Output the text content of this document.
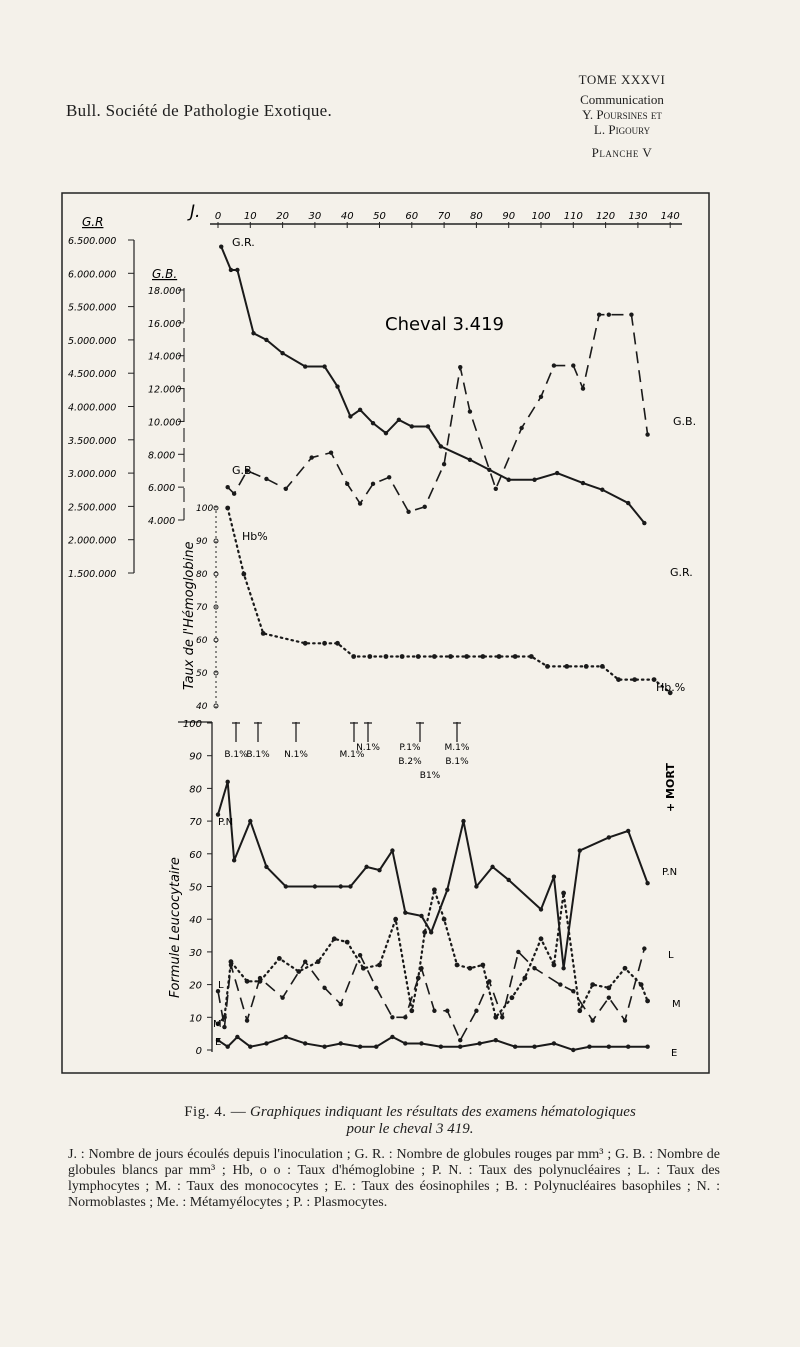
Bull. Société de Pathologie Exotique.
TOME XXXVI
Communication
Y. Poursines et
L. Pigoury
Planche V
J. 0 10 20 30 40 50 60 70 80 90 100 110 120 130 140
G.R
6.500.000
6.000.000
5.500.000
5.000.000
4.500.000
4.000.000
3.500.000
3.000.000
2.500.000
2.000.000
1.500.000
G.B.
18.000
16.000
14.000
12.000
10.000
8.000
6.000
4.000
100
90
80
70
60
50
40
Taux de l'Hémoglobine
Cheval 3.419
100
90
80
70
60
50
40
30
20
10
0
Formule Leucocytaire
B.1%
B.1% N.1%	M.1%
N.1% P.1%
B.2%
B1%
M.1%
B.1%
+ MORT
G.R.
G.B.
G.R.
G.B.
Hb%
Hb.%
P.N
P.N
L
L
M
M
E
E
Fig. 4. — Graphiques indiquant les résultats des examens hématologiques
pour le cheval 3 419.
J. : Nombre de jours écoulés depuis l'inoculation ; G. R. : Nombre de globules rouges par mm³ ; G. B. : Nombre de globules blancs par mm³ ; Hb, o o : Taux d'hémoglobine ; P. N. : Taux des polynucléaires ; L. : Taux des lymphocytes ; M. : Taux des monococytes ; E. : Taux des éosinophiles ; B. : Polynucléaires basophiles ; N. : Normoblastes ; Me. : Métamyélocytes ; P. : Plasmocytes.
